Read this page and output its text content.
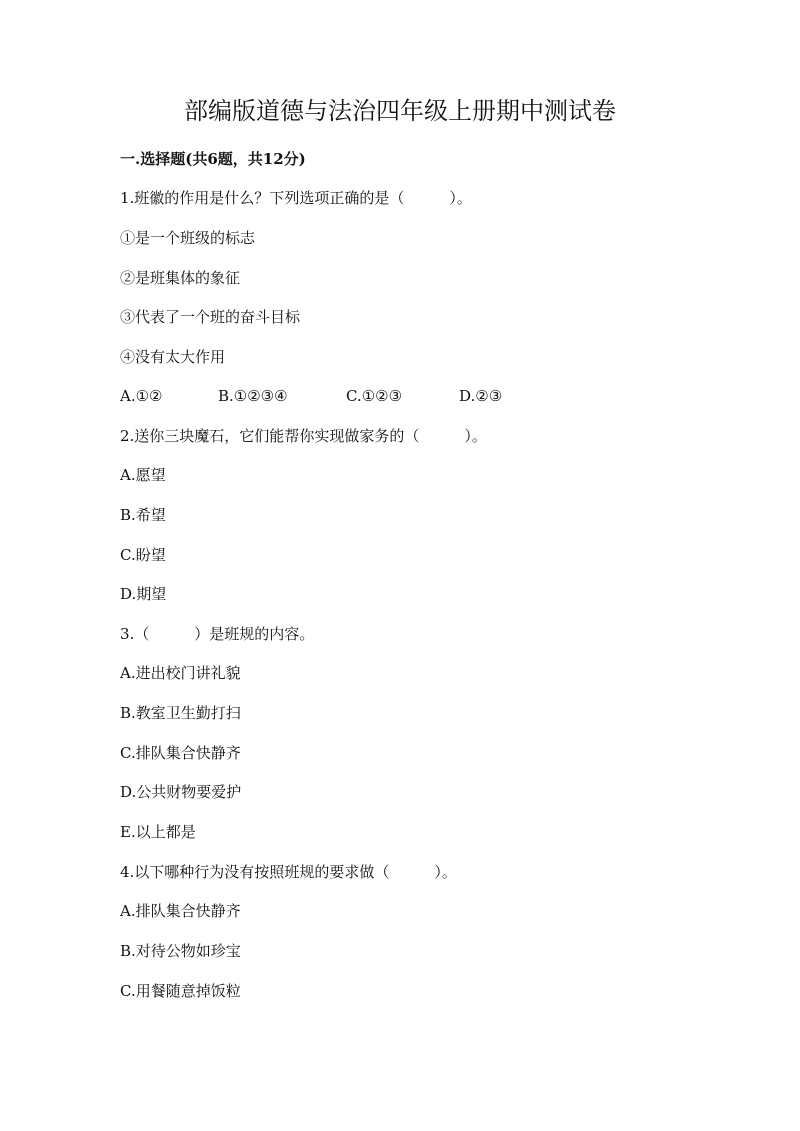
部编版道德与法治四年级上册期中测试卷
一.选择题(共6题，共12分)
1.班徽的作用是什么？下列选项正确的是（　　　）。
①是一个班级的标志
②是班集体的象征
③代表了一个班的奋斗目标
④没有太大作用
A.①②	B.①②③④	C.①②③	D.②③
2.送你三块魔石，它们能帮你实现做家务的（　　　）。
A.愿望
B.希望
C.盼望
D.期望
3.（　　　）是班规的内容。
A.进出校门讲礼貌
B.教室卫生勤打扫
C.排队集合快静齐
D.公共财物要爱护
E.以上都是
4.以下哪种行为没有按照班规的要求做（　　　）。
A.排队集合快静齐
B.对待公物如珍宝
C.用餐随意掉饭粒
